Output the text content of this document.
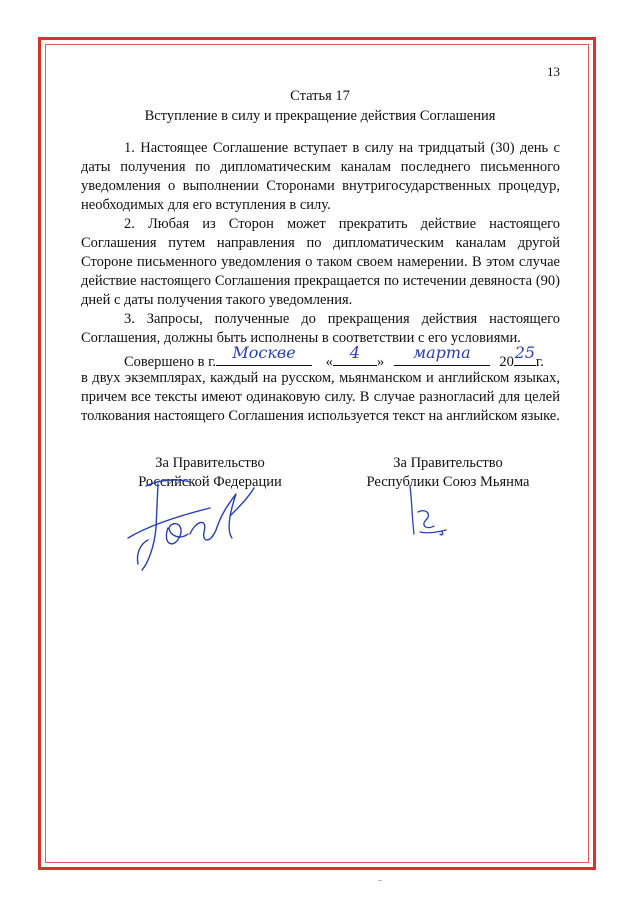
13
Статья 17
Вступление в силу и прекращение действия Соглашения

1. Настоящее Соглашение вступает в силу на тридцатый (30) день с даты получения по дипломатическим каналам последнего письменного уведомления о выполнении Сторонами внутригосударственных процедур, необходимых для его вступления в силу.

2. Любая из Сторон может прекратить действие настоящего Соглашения путем направления по дипломатическим каналам другой Стороне письменного уведомления о таком своем намерении. В этом случае действие настоящего Соглашения прекращается по истечении девяноста (90) дней с даты получения такого уведомления.

3. Запросы, полученные до прекращения действия настоящего Соглашения, должны быть исполнены в соответствии с его условиями.

Совершено в г.	Москве	«	4	»	марта	20 25 г.
в двух экземплярах, каждый на русском, мьянманском и английском языках, причем все тексты имеют одинаковую силу. В случае разногласий для целей толкования настоящего Соглашения используется текст на английском языке.
За Правительство
Российской Федерации
За Правительство
Республики Союз Мьянма
